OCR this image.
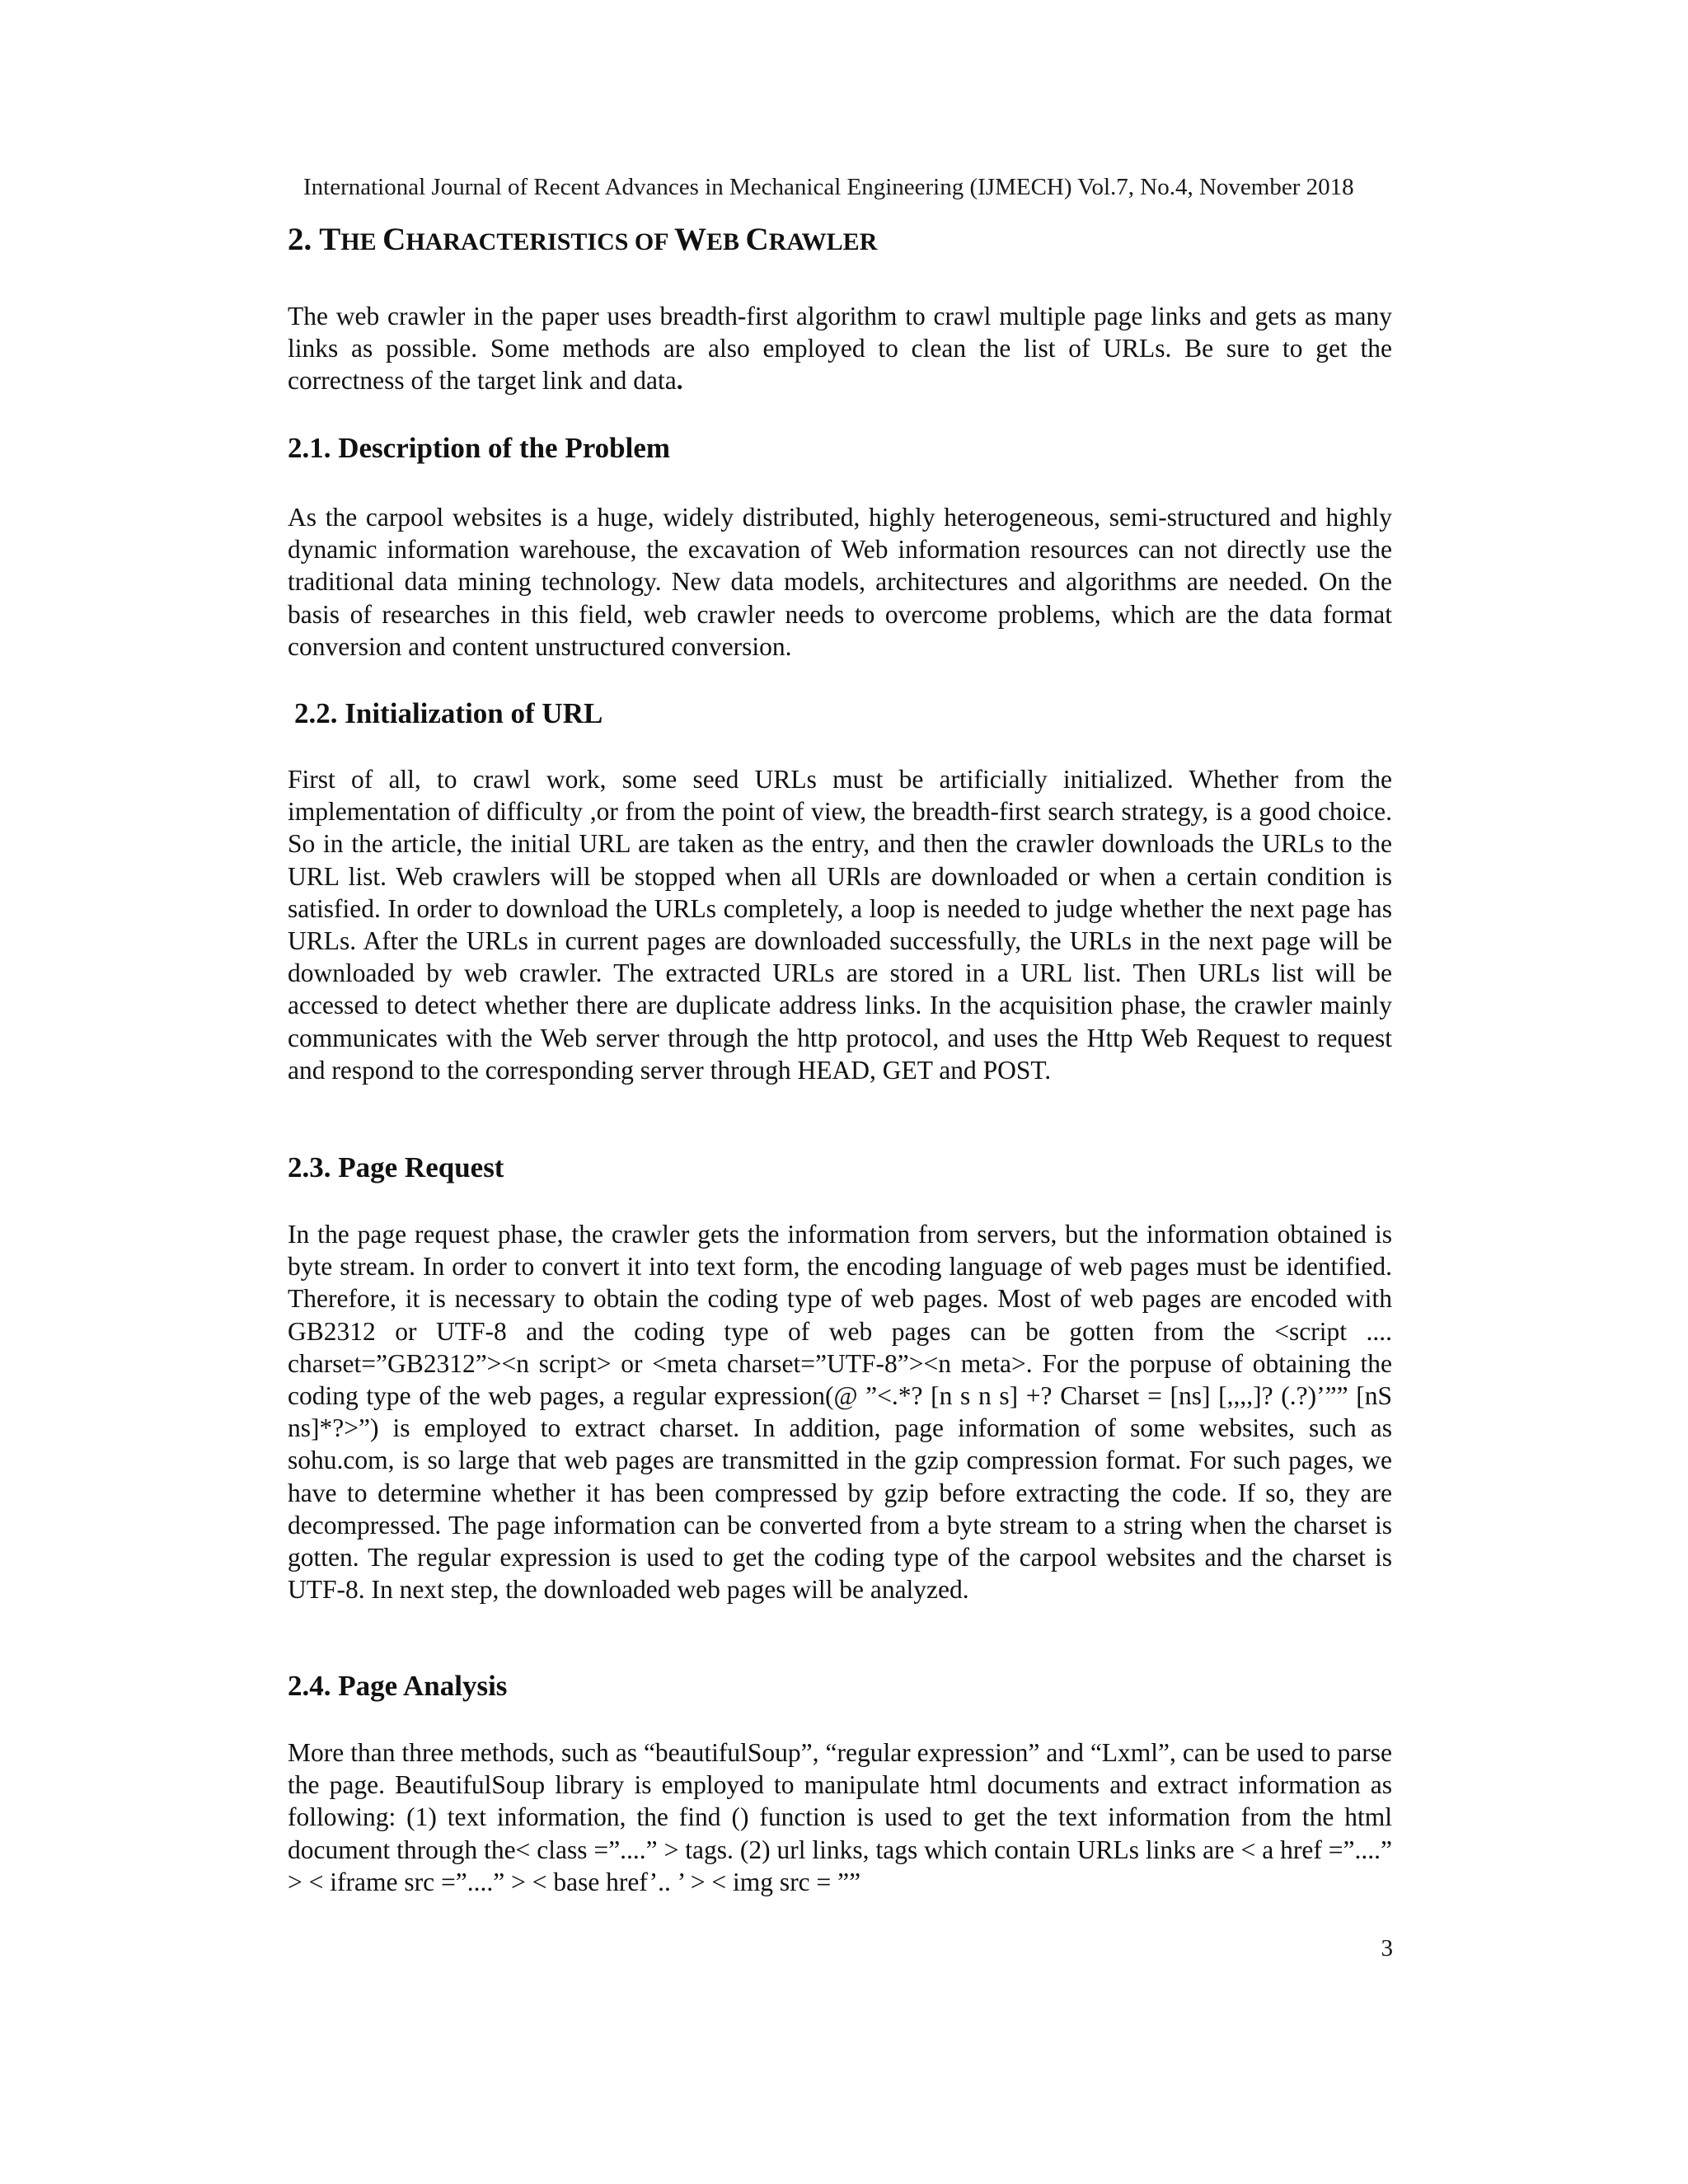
International Journal of Recent Advances in Mechanical Engineering (IJMECH) Vol.7, No.4, November 2018
2. THE CHARACTERISTICS OF WEB CRAWLER
The web crawler in the paper uses breadth-first algorithm to crawl multiple page links and gets as many links as possible. Some methods are also employed to clean the list of URLs. Be sure to get the correctness of the target link and data.
2.1. Description of the Problem
As the carpool websites is a huge, widely distributed, highly heterogeneous, semi-structured and highly dynamic information warehouse, the excavation of Web information resources can not directly use the traditional data mining technology. New data models, architectures and algorithms are needed. On the basis of researches in this field, web crawler needs to overcome problems, which are the data format conversion and content unstructured conversion.
2.2. Initialization of URL
First of all, to crawl work, some seed URLs must be artificially initialized. Whether from the implementation of difficulty ,or from the point of view, the breadth-first search strategy, is a good choice. So in the article, the initial URL are taken as the entry, and then the crawler downloads the URLs to the URL list. Web crawlers will be stopped when all URls are downloaded or when a certain condition is satisfied. In order to download the URLs completely, a loop is needed to judge whether the next page has URLs. After the URLs in current pages are downloaded successfully, the URLs in the next page will be downloaded by web crawler. The extracted URLs are stored in a URL list. Then URLs list will be accessed to detect whether there are duplicate address links. In the acquisition phase, the crawler mainly communicates with the Web server through the http protocol, and uses the Http Web Request to request and respond to the corresponding server through HEAD, GET and POST.
2.3. Page Request
In the page request phase, the crawler gets the information from servers, but the information obtained is byte stream. In order to convert it into text form, the encoding language of web pages must be identified. Therefore, it is necessary to obtain the coding type of web pages. Most of web pages are encoded with GB2312 or UTF-8 and the coding type of web pages can be gotten from the <script .... charset=”GB2312”><n script> or <meta charset=”UTF-8”><n meta>. For the porpuse of obtaining the coding type of the web pages, a regular expression(@ ”<.*? [n s n s] +? Charset = [ns] [,,,,]? (.?)’”” [nS ns]*?>”) is employed to extract charset. In addition, page information of some websites, such as sohu.com, is so large that web pages are transmitted in the gzip compression format. For such pages, we have to determine whether it has been compressed by gzip before extracting the code. If so, they are decompressed. The page information can be converted from a byte stream to a string when the charset is gotten. The regular expression is used to get the coding type of the carpool websites and the charset is UTF-8. In next step, the downloaded web pages will be analyzed.
2.4. Page Analysis
More than three methods, such as “beautifulSoup”, “regular expression” and “Lxml”, can be used to parse the page. BeautifulSoup library is employed to manipulate html documents and extract information as following: (1) text information, the find () function is used to get the text information from the html document through the< class =”....” > tags. (2) url links, tags which contain URLs links are < a href =”....” > < iframe src =”....” > < base href’.. ’ > < img src = ””
3
